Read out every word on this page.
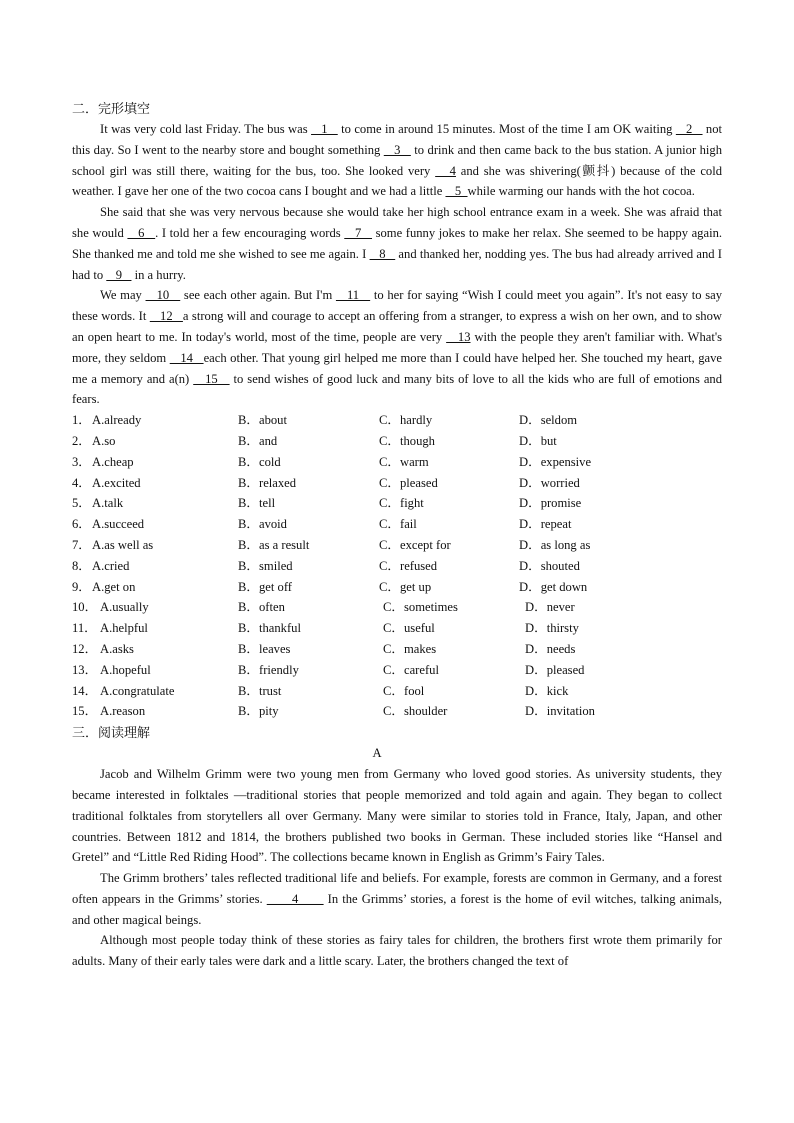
二．完形填空

It was very cold last Friday. The bus was    1    to come in around 15 minutes. Most of the time I am OK waiting    2    not this day. So I went to the nearby store and bought something    3    to drink and then came back to the bus station. A junior high school girl was still there, waiting for the bus, too. She looked very    4 and she was shivering(颤抖) because of the cold weather. I gave her one of the two cocoa cans I bought and we had a little    5  while warming our hands with the hot cocoa.

She said that she was very nervous because she would take her high school entrance exam in a week. She was afraid that she would    6   . I told her a few encouraging words    7    some funny jokes to make her relax. She seemed to be happy again. She thanked me and told me she wished to see me again. I    8    and thanked her, nodding yes. The bus had already arrived and I had to    9    in a hurry.

We may    10    see each other again. But I'm    11    to her for saying “Wish I could meet you again”. It's not easy to say these words. It    12   a strong will and courage to accept an offering from a stranger, to express a wish on her own, and to show an open heart to me. In today's world, most of the time, people are very    13 with the people they aren't familiar with. What's more, they seldom    14   each other. That young girl helped me more than I could have helped her. She touched my heart, gave me a memory and a(n)    15    to send wishes of good luck and many bits of love to all the kids who are full of emotions and fears.

1． A.already	B．about	C．hardly	D．seldom
2． A.so	B．and	C．though	D．but
3． A.cheap	B．cold	C．warm	D．expensive
4． A.excited	B．relaxed	C．pleased	D．worried
5． A.talk	B．tell	C．fight	D．promise
6． A.succeed	B．avoid	C．fail	D．repeat
7． A.as well as	B．as a result	C．except for	D．as long as
8． A.cried	B．smiled	C．refused	D．shouted
9． A.get on	B．get off	C．get up	D．get down
10． A.usually	B．often	C．sometimes	D．never
11． A.helpful	B．thankful	C．useful	D．thirsty
12． A.asks	B．leaves	C．makes	D．needs
13． A.hopeful	B．friendly	C．careful	D．pleased
14． A.congratulate	B．trust	C．fool	D．kick
15． A.reason	B．pity	C．shoulder	D．invitation
三．阅读理解
A

Jacob and Wilhelm Grimm were two young men from Germany who loved good stories. As university students, they became interested in folktales —traditional stories that people memorized and told again and again. They began to collect traditional folktales from storytellers all over Germany. Many were similar to stories told in France, Italy, Japan, and other countries. Between 1812 and 1814, the brothers published two books in German. These included stories like “Hansel and Gretel” and “Little Red Riding Hood”. The collections became known in English as Grimm’s Fairy Tales.

The Grimm brothers’ tales reflected traditional life and beliefs. For example, forests are common in Germany, and a forest often appears in the Grimms’ stories. ____4____ In the Grimms’ stories, a forest is the home of evil witches, talking animals, and other magical beings.

Although most people today think of these stories as fairy tales for children, the brothers first wrote them primarily for adults. Many of their early tales were dark and a little scary. Later, the brothers changed the text of
